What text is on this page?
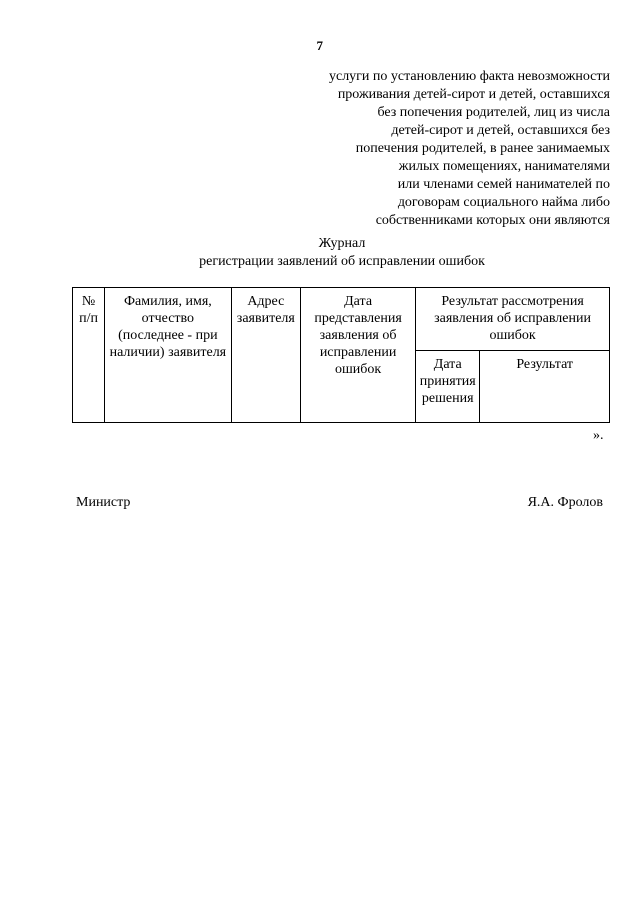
7
услуги по установлению факта невозможности
проживания детей-сирот и детей, оставшихся
без попечения родителей, лиц из числа
детей-сирот и детей, оставшихся без
попечения родителей, в ранее занимаемых
жилых помещениях, нанимателями
или членами семей нанимателей по
договорам социального найма либо
собственниками которых они являются
Журнал
регистрации заявлений об исправлении ошибок
№ п/п	Фамилия, имя, отчество (последнее - при наличии) заявителя	Адрес заявителя	Дата представления заявления об исправлении ошибок	Результат рассмотрения заявления об исправлении ошибок	
				Дата принятия решения	Результат
».
Министр	Я.А. Фролов
